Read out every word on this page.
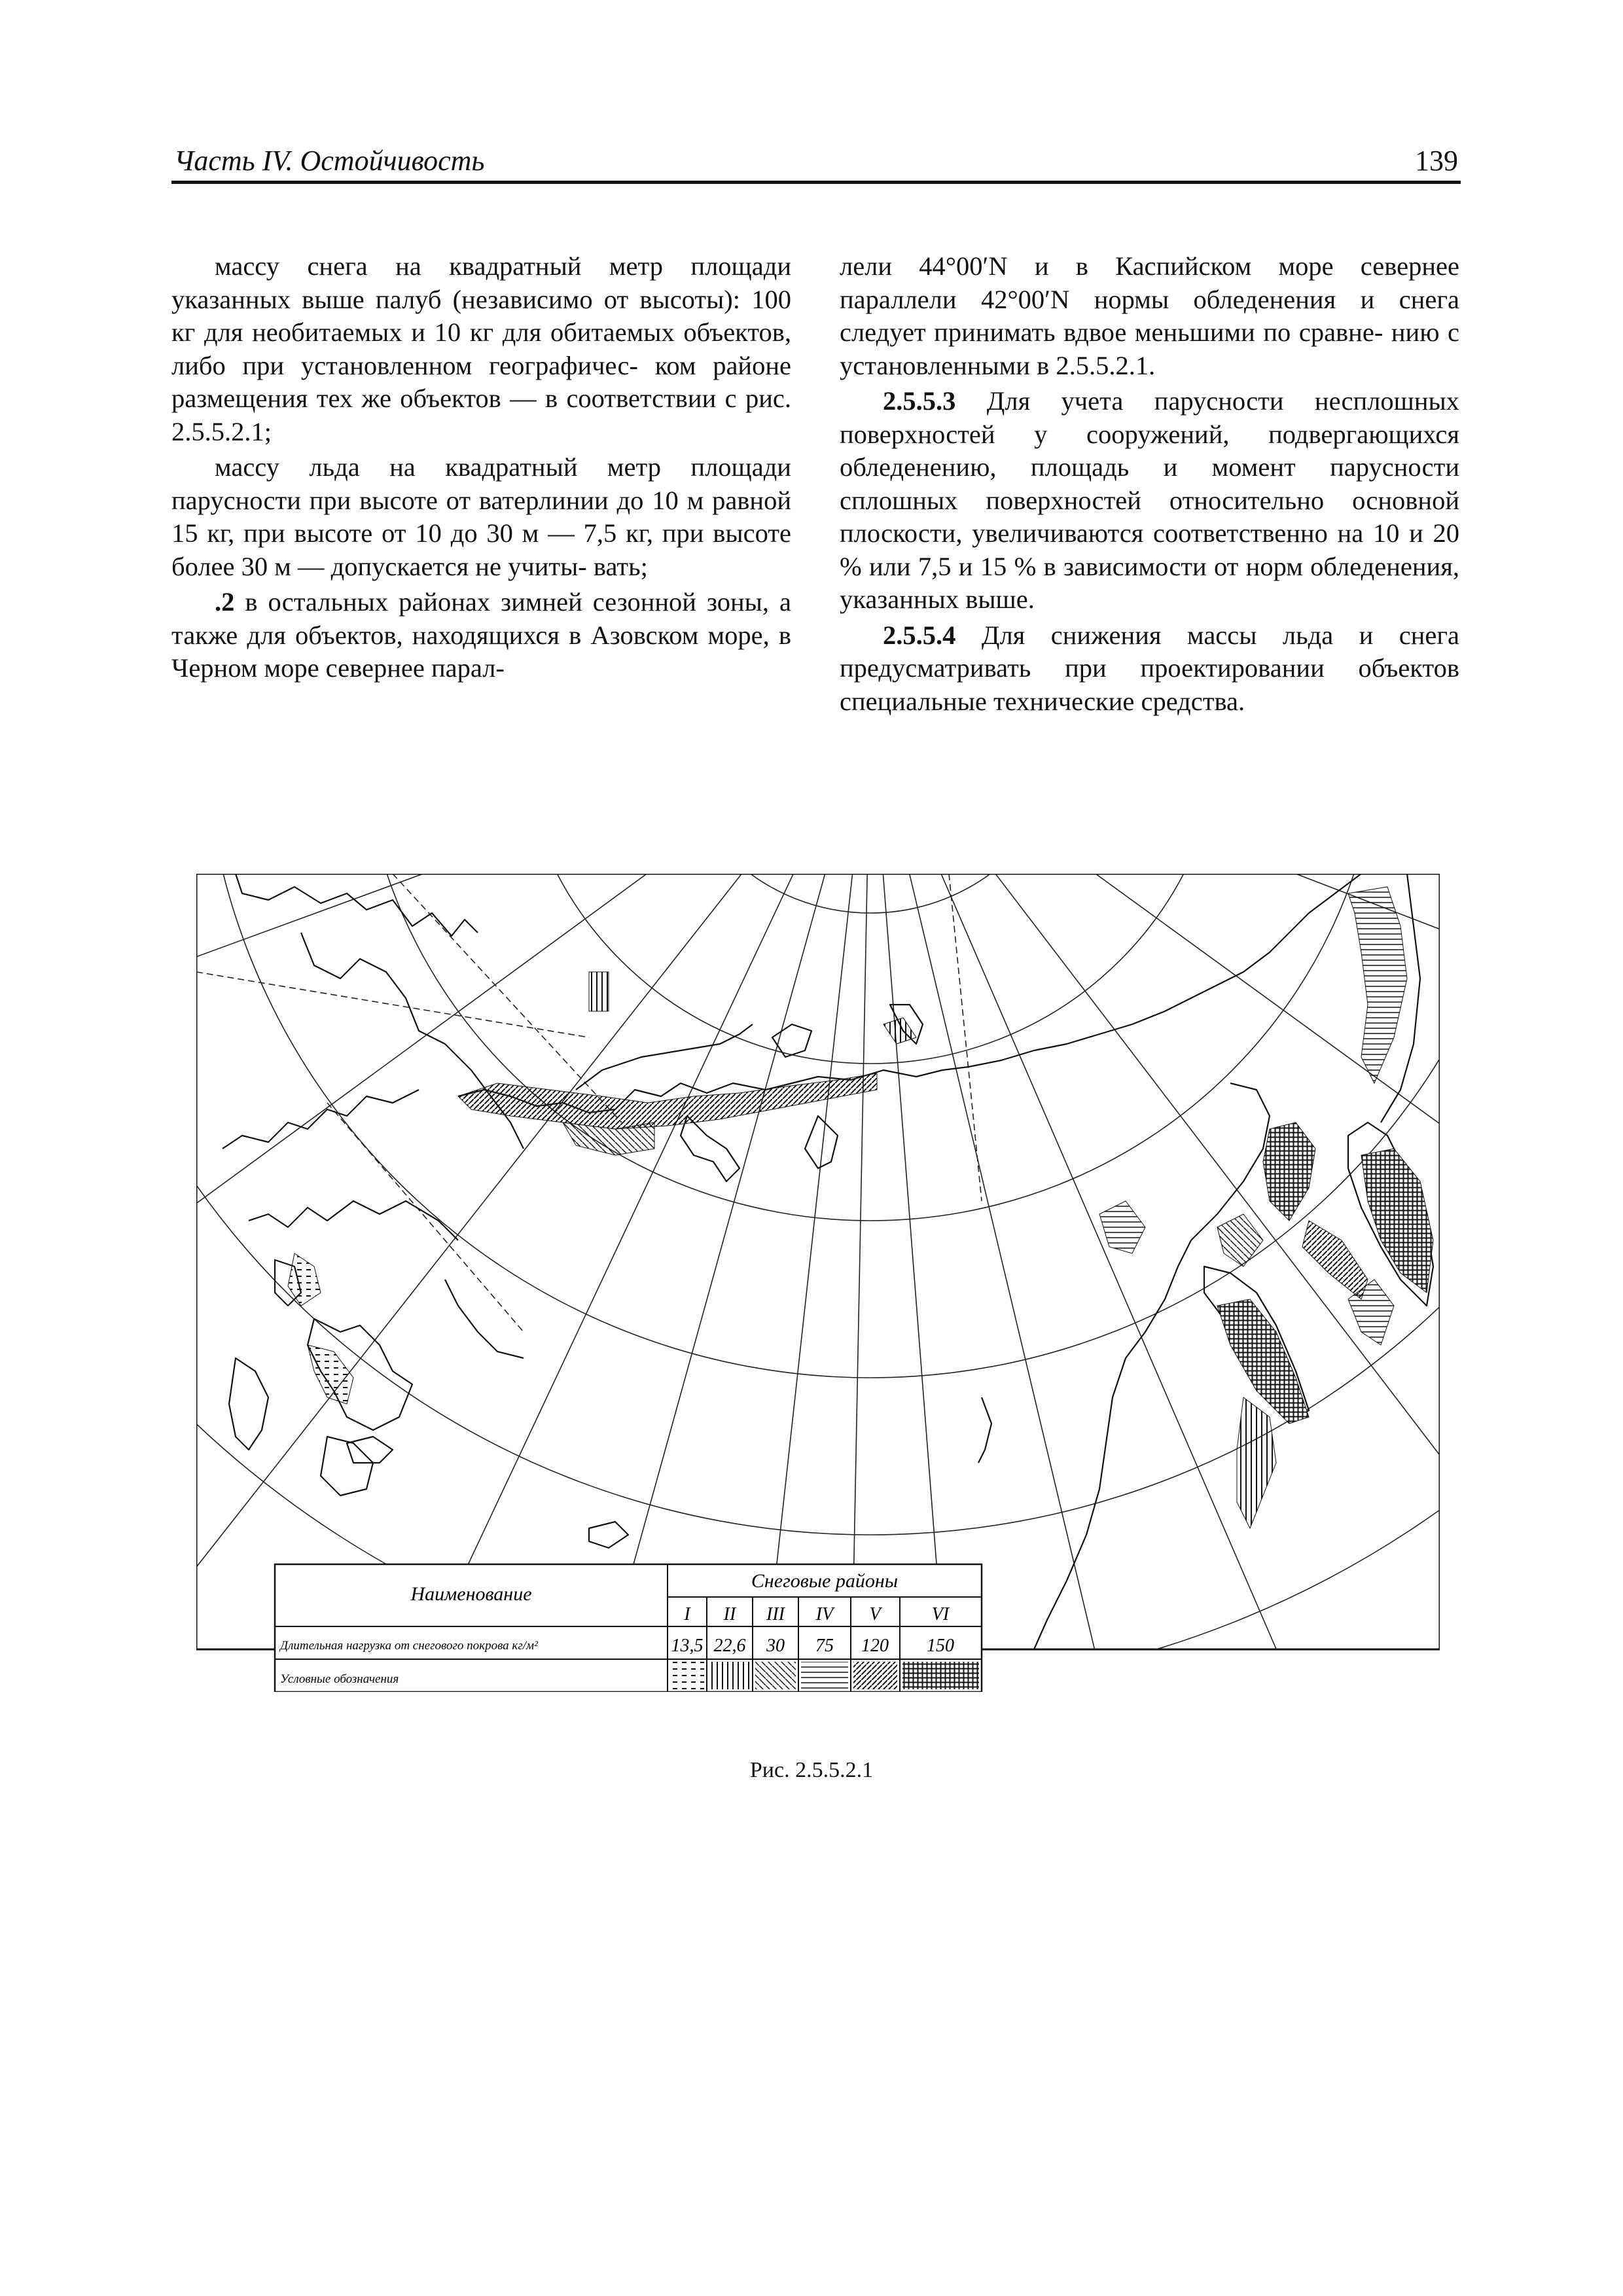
Часть IV. Остойчивость	139

массу снега на квадратный метр площади указанных выше палуб (независимо от высоты): 100 кг для необитаемых и 10 кг для обитаемых объектов, либо при установленном географичес- ком районе размещения тех же объектов — в соответствии с рис. 2.5.5.2.1;

массу льда на квадратный метр площади парусности при высоте от ватерлинии до 10 м равной 15 кг, при высоте от 10 до 30 м — 7,5 кг, при высоте более 30 м — допускается не учиты- вать;

.2 в остальных районах зимней сезонной зоны, а также для объектов, находящихся в Азовском море, в Черном море севернее парал-

лели 44°00′N и в Каспийском море севернее параллели 42°00′N нормы обледенения и снега следует принимать вдвое меньшими по сравне- нию с установленными в 2.5.5.2.1.

2.5.5.3 Для учета парусности несплошных поверхностей у сооружений, подвергающихся обледенению, площадь и момент парусности сплошных поверхностей относительно основной плоскости, увеличиваются соответственно на 10 и 20 % или 7,5 и 15 % в зависимости от норм обледенения, указанных выше.

2.5.5.4 Для снижения массы льда и снега предусматривать при проектировании объектов специальные технические средства.

Наименование
Снеговые районы
I II III IV V	VI
Длительная нагрузка от снегового покрова кг/м²	13,5 22,6 30 75 120 150
Условные обозначения
Рис. 2.5.5.2.1
